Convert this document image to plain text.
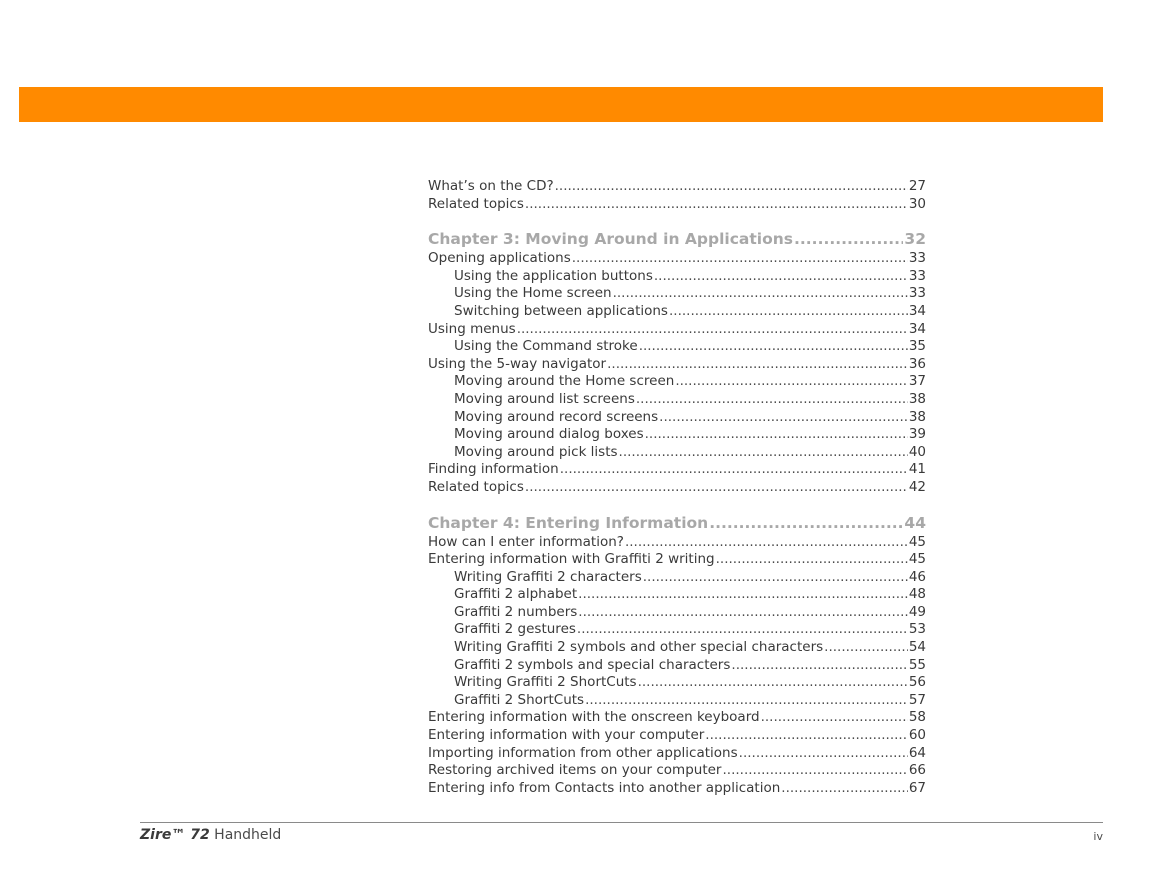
What’s on the CD? .....	27
Related topics .....	30
Chapter 3: Moving Around in Applications .....	32
Opening applications .....	33
Using the application buttons .....	33
Using the Home screen .....	33
Switching between applications .....	34
Using menus .....	34
Using the Command stroke .....	35
Using the 5-way navigator .....	36
Moving around the Home screen .....	37
Moving around list screens .....	38
Moving around record screens .....	38
Moving around dialog boxes .....	39
Moving around pick lists .....	40
Finding information .....	41
Related topics .....	42
Chapter 4: Entering Information .....	44
How can I enter information? .....	45
Entering information with Graffiti 2 writing .....	45
Writing Graffiti 2 characters .....	46
Graffiti 2 alphabet .....	48
Graffiti 2 numbers .....	49
Graffiti 2 gestures .....	53
Writing Graffiti 2 symbols and other special characters .....	54
Graffiti 2 symbols and special characters .....	55
Writing Graffiti 2 ShortCuts .....	56
Graffiti 2 ShortCuts .....	57
Entering information with the onscreen keyboard .....	58
Entering information with your computer .....	60
Importing information from other applications .....	64
Restoring archived items on your computer .....	66
Entering info from Contacts into another application .....	67
Zire™ 72 Handheld	iv
